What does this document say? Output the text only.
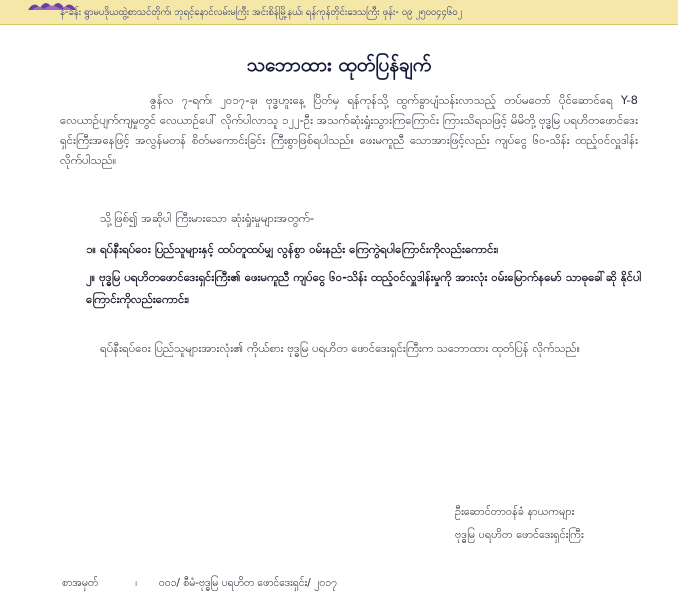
နံ-ခန်း ရွာမပဒိုယထွဲ့စာသင်တိုက်၊ ဘုရင့်နောင်လမ်းမကြီး အင်းစိန်မြို့နယ်၊ ရန်ကုန်တိုင်းဒေသကြီး ဖုန်း- ၀၉ ၂၅၀၀၄၄၆၀၂
သဘောထား ထုတ်ပြန်ချက်
ဇွန်လ ၇-ရက်၊ ၂၀၁၇-ခု၊ ဗုဒ္ဓဟူးနေ့ ပြိတ်မှ ရန်ကုန်သို့ ထွက်ခွာပျံသန်းလာသည့် တပ်မတော် ပိုင်ဆောင်ရေ Y-8 လေယာဉ်ပျက်ကျမှုတွင် လေယာဉ်ပေါ် လိုက်ပါလာသူ ၁၂၂-ဦး အသက်ဆုံးရှုံးသွားကြကြောင်း ကြားသိရသဖြင့် မိမိတို့ ဗုဒ္ဓမြ ပရဟိတဖောင်ဒေးရှင်းကြီးအနေဖြင့် အလွန်မတန် စိတ်မကောင်းခြင်း ကြီးစွာဖြစ်ရပါသည်။ ဖေးမကူညီ သောအားဖြင့်လည်း ကျပ်ငွေ ၆၀-သိန်း ထည့်ဝင်လှူဒါန်းလိုက်ပါသည်။
သို့ဖြစ်၍ အဆိုပါ ကြီးမားသော ဆုံးရှုံးမှုများအတွက်-
၁။ ရပ်နီးရပ်ဝေး ပြည်သူများနှင့် ထပ်တူထပ်မျှ လွန်စွာ ဝမ်းနည်း ကြေကွဲရပါကြောင်းကိုလည်းကောင်း၊
၂။ ဗုဒ္ဓမြ ပရဟိတဖောင်ဒေးရှင်းကြီး၏ ဖေးမကူညီ ကျပ်ငွေ ၆၀-သိန်း ထည့်ဝင်လှူဒါန်းမှုကို အားလုံး ဝမ်းမြောက်နမော် သာဓုခေါ်ဆို နိုင်ပါကြောင်းကိုလည်းကောင်း၊
ရပ်နီးရပ်ဝေး ပြည်သူများအားလုံး၏ ကိုယ်စား ဗုဒ္ဓမြ ပရဟိတ ဖောင်ဒေးရှင်းကြီးက သဘောထား ထုတ်ပြန် လိုက်သည်။
ဦးဆောင်တာဝန်ခံ နာယကများ
ဗုဒ္ဓမြ ပရဟိတ ဖောင်ဒေးရှင်းကြီး
စာအမှတ်	၊ ၀၀၁/ စီမံ-ဗုဒ္ဓမြ ပရဟိတ ဖောင်ဒေးရှင်း/ ၂၀၁၇
